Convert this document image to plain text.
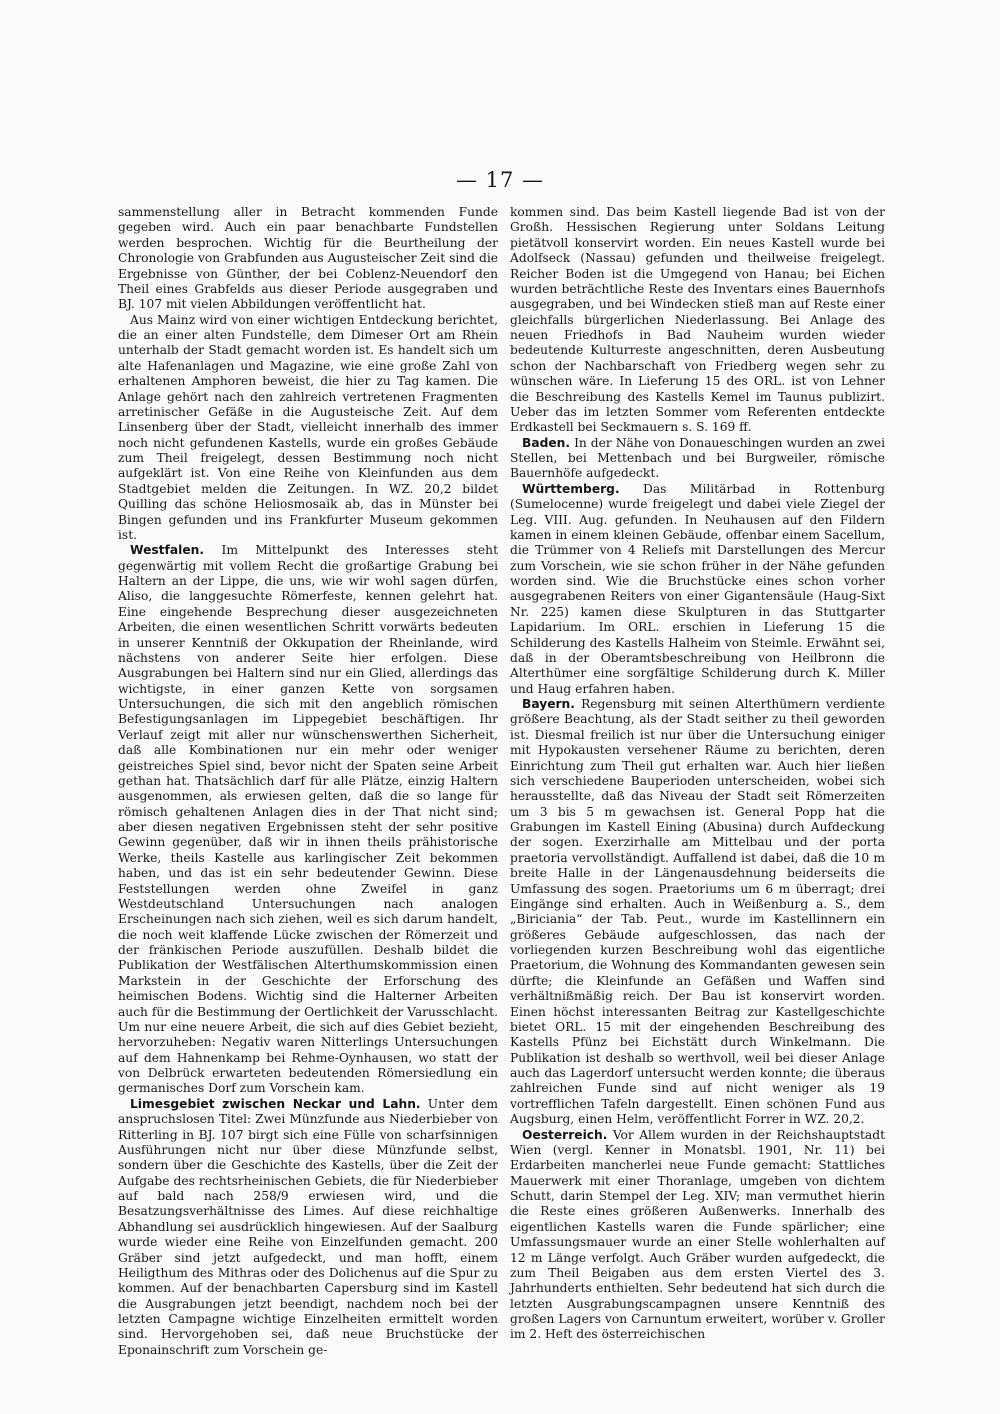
— 17 —

sammenstellung aller in Betracht kommenden Funde gegeben wird. Auch ein paar benachbarte Fundstellen werden besprochen. Wichtig für die Beurtheilung der Chronologie von Grabfunden aus Augusteischer Zeit sind die Ergebnisse von Günther, der bei Coblenz-Neuendorf den Theil eines Grabfelds aus dieser Periode ausgegraben und BJ. 107 mit vielen Abbildungen veröffentlicht hat.

Aus Mainz wird von einer wichtigen Entdeckung berichtet, die an einer alten Fundstelle, dem Dimeser Ort am Rhein unterhalb der Stadt gemacht worden ist. Es handelt sich um alte Hafenanlagen und Magazine, wie eine große Zahl von erhaltenen Amphoren beweist, die hier zu Tag kamen. Die Anlage gehört nach den zahlreich vertretenen Fragmenten arretinischer Gefäße in die Augusteische Zeit. Auf dem Linsenberg über der Stadt, vielleicht innerhalb des immer noch nicht gefundenen Kastells, wurde ein großes Gebäude zum Theil freigelegt, dessen Bestimmung noch nicht aufgeklärt ist. Von eine Reihe von Kleinfunden aus dem Stadtgebiet melden die Zeitungen. In WZ. 20,2 bildet Quilling das schöne Heliosmosaik ab, das in Münster bei Bingen gefunden und ins Frankfurter Museum gekommen ist.

Westfalen. Im Mittelpunkt des Interesses steht gegenwärtig mit vollem Recht die großartige Grabung bei Haltern an der Lippe, die uns, wie wir wohl sagen dürfen, Aliso, die langgesuchte Römerfeste, kennen gelehrt hat. Eine eingehende Besprechung dieser ausgezeichneten Arbeiten, die einen wesentlichen Schritt vorwärts bedeuten in unserer Kenntniß der Okkupation der Rheinlande, wird nächstens von anderer Seite hier erfolgen. Diese Ausgrabungen bei Haltern sind nur ein Glied, allerdings das wichtigste, in einer ganzen Kette von sorgsamen Untersuchungen, die sich mit den angeblich römischen Befestigungsanlagen im Lippegebiet beschäftigen. Ihr Verlauf zeigt mit aller nur wünschenswerthen Sicherheit, daß alle Kombinationen nur ein mehr oder weniger geistreiches Spiel sind, bevor nicht der Spaten seine Arbeit gethan hat. Thatsächlich darf für alle Plätze, einzig Haltern ausgenommen, als erwiesen gelten, daß die so lange für römisch gehaltenen Anlagen dies in der That nicht sind; aber diesen negativen Ergebnissen steht der sehr positive Gewinn gegenüber, daß wir in ihnen theils prähistorische Werke, theils Kastelle aus karlingischer Zeit bekommen haben, und das ist ein sehr bedeutender Gewinn. Diese Feststellungen werden ohne Zweifel in ganz Westdeutschland Untersuchungen nach analogen Erscheinungen nach sich ziehen, weil es sich darum handelt, die noch weit klaffende Lücke zwischen der Römerzeit und der fränkischen Periode auszufüllen. Deshalb bildet die Publikation der Westfälischen Alterthumskommission einen Markstein in der Geschichte der Erforschung des heimischen Bodens. Wichtig sind die Halterner Arbeiten auch für die Bestimmung der Oertlichkeit der Varusschlacht. Um nur eine neuere Arbeit, die sich auf dies Gebiet bezieht, hervorzuheben: Negativ waren Nitterlings Untersuchungen auf dem Hahnenkamp bei Rehme-Oynhausen, wo statt der von Delbrück erwarteten bedeutenden Römersiedlung ein germanisches Dorf zum Vorschein kam.

Limesgebiet zwischen Neckar und Lahn. Unter dem anspruchslosen Titel: Zwei Münzfunde aus Niederbieber von Ritterling in BJ. 107 birgt sich eine Fülle von scharfsinnigen Ausführungen nicht nur über diese Münzfunde selbst, sondern über die Geschichte des Kastells, über die Zeit der Aufgabe des rechtsrheinischen Gebiets, die für Niederbieber auf bald nach 258/9 erwiesen wird, und die Besatzungsverhältnisse des Limes. Auf diese reichhaltige Abhandlung sei ausdrücklich hingewiesen. Auf der Saalburg wurde wieder eine Reihe von Einzelfunden gemacht. 200 Gräber sind jetzt aufgedeckt, und man hofft, einem Heiligthum des Mithras oder des Dolichenus auf die Spur zu kommen. Auf der benachbarten Capersburg sind im Kastell die Ausgrabungen jetzt beendigt, nachdem noch bei der letzten Campagne wichtige Einzelheiten ermittelt worden sind. Hervorgehoben sei, daß neue Bruchstücke der Eponainschrift zum Vorschein ge-

kommen sind. Das beim Kastell liegende Bad ist von der Großh. Hessischen Regierung unter Soldans Leitung pietätvoll konservirt worden. Ein neues Kastell wurde bei Adolfseck (Nassau) gefunden und theilweise freigelegt. Reicher Boden ist die Umgegend von Hanau; bei Eichen wurden beträchtliche Reste des Inventars eines Bauernhofs ausgegraben, und bei Windecken stieß man auf Reste einer gleichfalls bürgerlichen Niederlassung. Bei Anlage des neuen Friedhofs in Bad Nauheim wurden wieder bedeutende Kulturreste angeschnitten, deren Ausbeutung schon der Nachbarschaft von Friedberg wegen sehr zu wünschen wäre. In Lieferung 15 des ORL. ist von Lehner die Beschreibung des Kastells Kemel im Taunus publizirt. Ueber das im letzten Sommer vom Referenten entdeckte Erdkastell bei Seckmauern s. S. 169 ff.

Baden. In der Nähe von Donaueschingen wurden an zwei Stellen, bei Mettenbach und bei Burgweiler, römische Bauernhöfe aufgedeckt.

Württemberg. Das Militärbad in Rottenburg (Sumelocenne) wurde freigelegt und dabei viele Ziegel der Leg. VIII. Aug. gefunden. In Neuhausen auf den Fildern kamen in einem kleinen Gebäude, offenbar einem Sacellum, die Trümmer von 4 Reliefs mit Darstellungen des Mercur zum Vorschein, wie sie schon früher in der Nähe gefunden worden sind. Wie die Bruchstücke eines schon vorher ausgegrabenen Reiters von einer Gigantensäule (Haug-Sixt Nr. 225) kamen diese Skulpturen in das Stuttgarter Lapidarium. Im ORL. erschien in Lieferung 15 die Schilderung des Kastells Halheim von Steimle. Erwähnt sei, daß in der Oberamtsbeschreibung von Heilbronn die Alterthümer eine sorgfältige Schilderung durch K. Miller und Haug erfahren haben.

Bayern. Regensburg mit seinen Alterthümern verdiente größere Beachtung, als der Stadt seither zu theil geworden ist. Diesmal freilich ist nur über die Untersuchung einiger mit Hypokausten versehener Räume zu berichten, deren Einrichtung zum Theil gut erhalten war. Auch hier ließen sich verschiedene Bauperioden unterscheiden, wobei sich herausstellte, daß das Niveau der Stadt seit Römerzeiten um 3 bis 5 m gewachsen ist. General Popp hat die Grabungen im Kastell Eining (Abusina) durch Aufdeckung der sogen. Exerzirhalle am Mittelbau und der porta praetoria vervollständigt. Auffallend ist dabei, daß die 10 m breite Halle in der Längenausdehnung beiderseits die Umfassung des sogen. Praetoriums um 6 m überragt; drei Eingänge sind erhalten. Auch in Weißenburg a. S., dem „Biriciania“ der Tab. Peut., wurde im Kastellinnern ein größeres Gebäude aufgeschlossen, das nach der vorliegenden kurzen Beschreibung wohl das eigentliche Praetorium, die Wohnung des Kommandanten gewesen sein dürfte; die Kleinfunde an Gefäßen und Waffen sind verhältnißmäßig reich. Der Bau ist konservirt worden. Einen höchst interessanten Beitrag zur Kastellgeschichte bietet ORL. 15 mit der eingehenden Beschreibung des Kastells Pfünz bei Eichstätt durch Winkelmann. Die Publikation ist deshalb so werthvoll, weil bei dieser Anlage auch das Lagerdorf untersucht werden konnte; die überaus zahlreichen Funde sind auf nicht weniger als 19 vortrefflichen Tafeln dargestellt. Einen schönen Fund aus Augsburg, einen Helm, veröffentlicht Forrer in WZ. 20,2.

Oesterreich. Vor Allem wurden in der Reichshauptstadt Wien (vergl. Kenner in Monatsbl. 1901, Nr. 11) bei Erdarbeiten mancherlei neue Funde gemacht: Stattliches Mauerwerk mit einer Thoranlage, umgeben von dichtem Schutt, darin Stempel der Leg. XIV; man vermuthet hierin die Reste eines größeren Außenwerks. Innerhalb des eigentlichen Kastells waren die Funde spärlicher; eine Umfassungsmauer wurde an einer Stelle wohlerhalten auf 12 m Länge verfolgt. Auch Gräber wurden aufgedeckt, die zum Theil Beigaben aus dem ersten Viertel des 3. Jahrhunderts enthielten. Sehr bedeutend hat sich durch die letzten Ausgrabungscampagnen unsere Kenntniß des großen Lagers von Carnuntum erweitert, worüber v. Groller im 2. Heft des österreichischen
